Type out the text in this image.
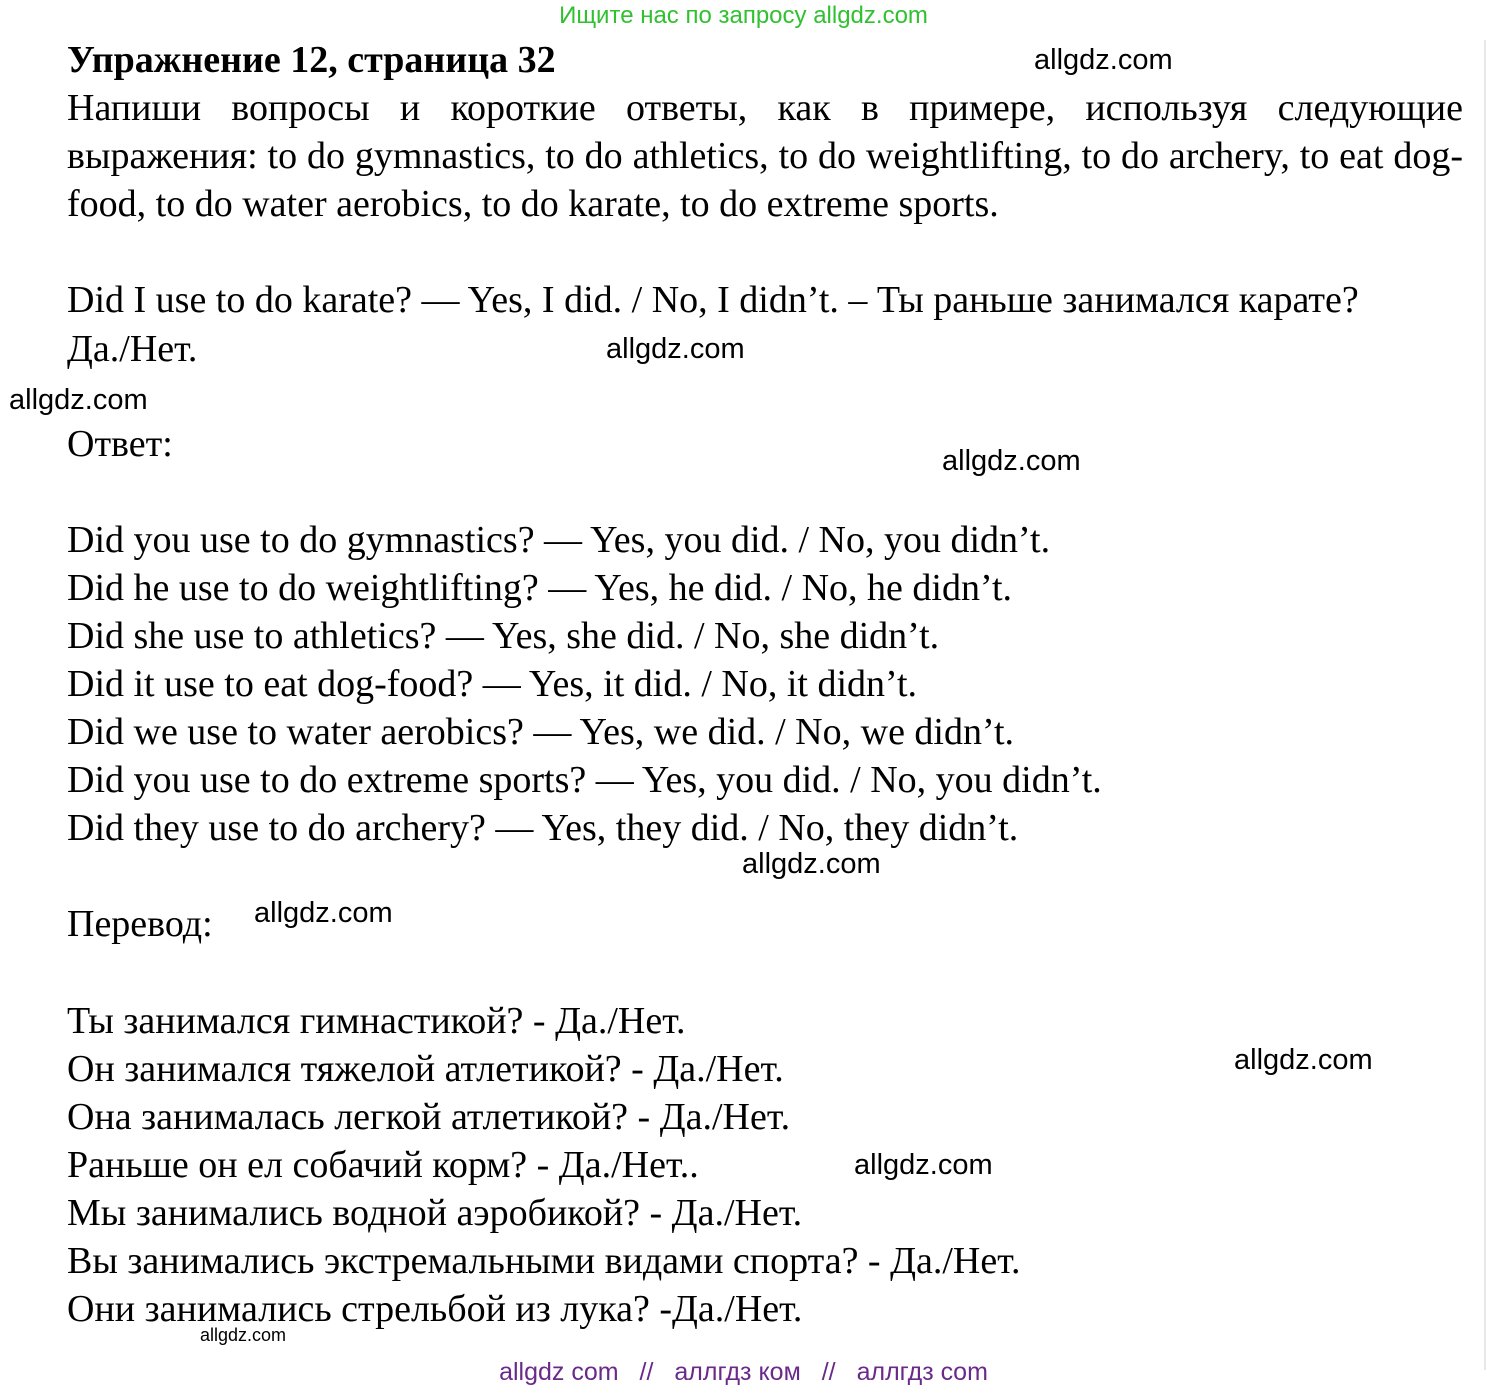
Ищите нас по запросу allgdz.com
Упражнение 12, страница 32
Напиши вопросы и короткие ответы, как в примере, используя следующие выражения: to do gymnastics, to do athletics, to do weightlifting, to do archery, to eat dog-food, to do water aerobics, to do karate, to do extreme sports.
Did I use to do karate? — Yes, I did. / No, I didn’t. – Ты раньше занимался карате?
Да./Нет.
Ответ:
Did you use to do gymnastics? — Yes, you did. / No, you didn’t.
Did he use to do weightlifting? — Yes, he did. / No, he didn’t.
Did she use to athletics? — Yes, she did. / No, she didn’t.
Did it use to eat dog-food? — Yes, it did. / No, it didn’t.
Did we use to water aerobics? — Yes, we did. / No, we didn’t.
Did you use to do extreme sports? — Yes, you did. / No, you didn’t.
Did they use to do archery? — Yes, they did. / No, they didn’t.
Перевод:
Ты занимался гимнастикой? - Да./Нет.
Он занимался тяжелой атлетикой? - Да./Нет.
Она занималась легкой атлетикой? - Да./Нет.
Раньше он ел собачий корм? - Да./Нет..
Мы занимались водной аэробикой? - Да./Нет.
Вы занимались экстремальными видами спорта? - Да./Нет.
Они занимались стрельбой из лука? -Да./Нет.
allgdz.com
allgdz.com
allgdz.com
allgdz.com
allgdz.com
allgdz.com
allgdz.com
allgdz.com
allgdz.com
allgdz com // аллгдз ком // аллгдз com
